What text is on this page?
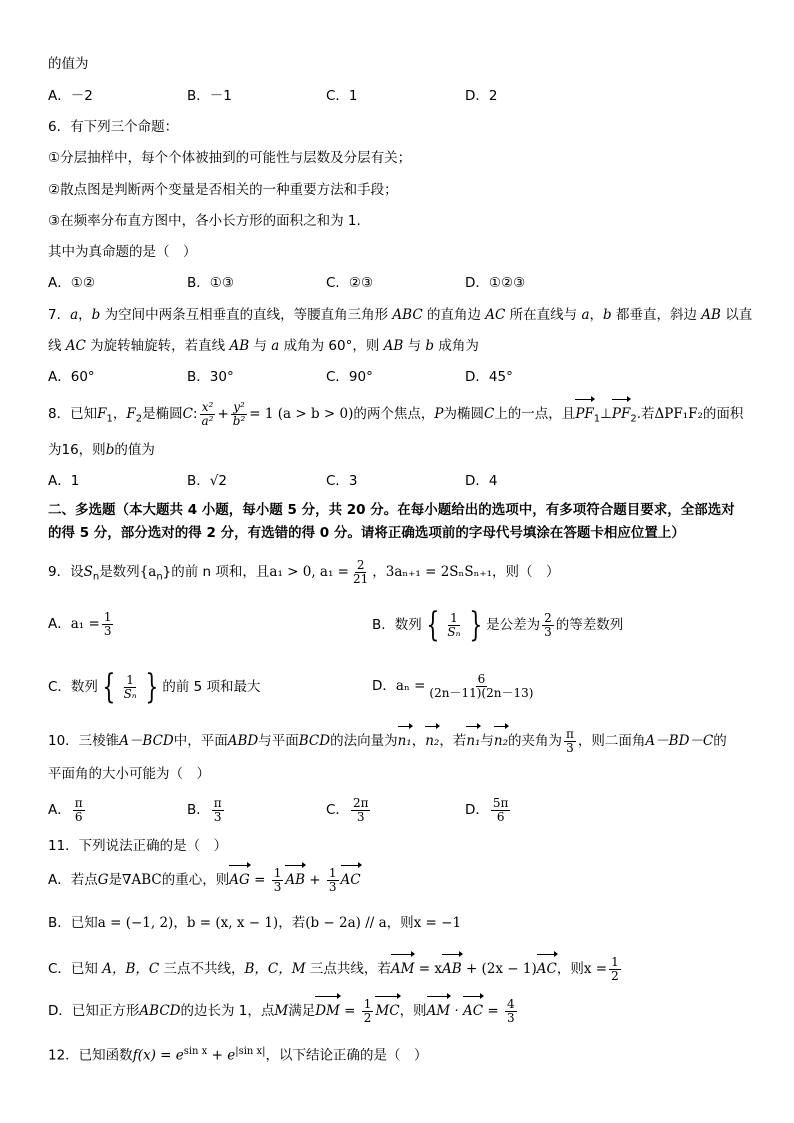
的值为
A．－2	B．－1	C．1	D．2
6．有下列三个命题：
①分层抽样中，每个个体被抽到的可能性与层数及分层有关；
②散点图是判断两个变量是否相关的一种重要方法和手段；
③在频率分布直方图中，各小长方形的面积之和为 1.
其中为真命题的是（　）
A．①②	B．①③	C．②③	D．①②③
7．a，b 为空间中两条互相垂直的直线，等腰直角三角形 ABC 的直角边 AC 所在直线与 a，b 都垂直，斜边 AB 以直
线 AC 为旋转轴旋转，若直线 AB 与 a 成角为 60°，则 AB 与 b 成角为
A．60°	B．30°	C．90°	D．45°
8．已知$F_1$，$F_2$是椭圆C: $\frac{\text{x²}}{\text{a²}} + \frac{\text{y²}}{\text{b²}} = 1$ (a > b > 0)的两个焦点，P为椭圆C上的一点，且$PF_1\perp PF_2$.若ΔPF₁F₂的面积
为16，则b的值为
A．1	B．√2	C．3	D．4
二、多选题（本大题共 4 小题，每小题 5 分，共 20 分。在每小题给出的选项中，有多项符合题目要求，全部选对
的得 5 分，部分选对的得 2 分，有选错的得 0 分。请将正确选项前的字母代号填涂在答题卡相应位置上）
9．设$S_n$是数列$\{a_n\}$的前 n 项和，且a₁ > 0, $a_1 = \frac{2}{21}$ ，3aₙ₊₁ = 2SₙSₙ₊₁，则（　）
A．$a_1 = \frac{1}{3}$	B．数列 { $\frac{1}{\text{Sₙ}}$ } 是公差为 $\frac{2}{3}$ 的等差数列
C．数列 { $\frac{1}{\text{Sₙ}}$ } 的前 5 项和最大	D．$a_n = \frac{6}{(2n-11)(2n-13)}$
10．三棱锥A－BCD中，平面ABD与平面BCD的法向量为n₁，n₂，若n₁与n₂的夹角为 $\frac{\pi}{3}$ ，则二面角A－BD－C的
平面角的大小可能为（　）
A． $\frac{\pi}{6}$	B． $\frac{\pi}{3}$	C． $\frac{2\pi}{3}$	D． $\frac{5\pi}{6}$
11．下列说法正确的是（　）
A．若点G是∇ABC的重心，则AG = $\frac{1}{3}$ AB + $\frac{1}{3}$ AC
B．已知a = (−1, 2)，b = (x, x − 1)，若(b − 2a) // a，则x = −1
C．已知 A，B，C 三点不共线，B，C，M 三点共线，若AM = xAB + (2x − 1)AC，则$x = \frac{1}{2}$
D．已知正方形ABCD的边长为 1，点M满足DM = $\frac{1}{2}$ MC，则AM · AC = $\frac{4}{3}$
12．已知函数$f(x) = e^{sin x} + e^{|sin x|}$，以下结论正确的是（　）
